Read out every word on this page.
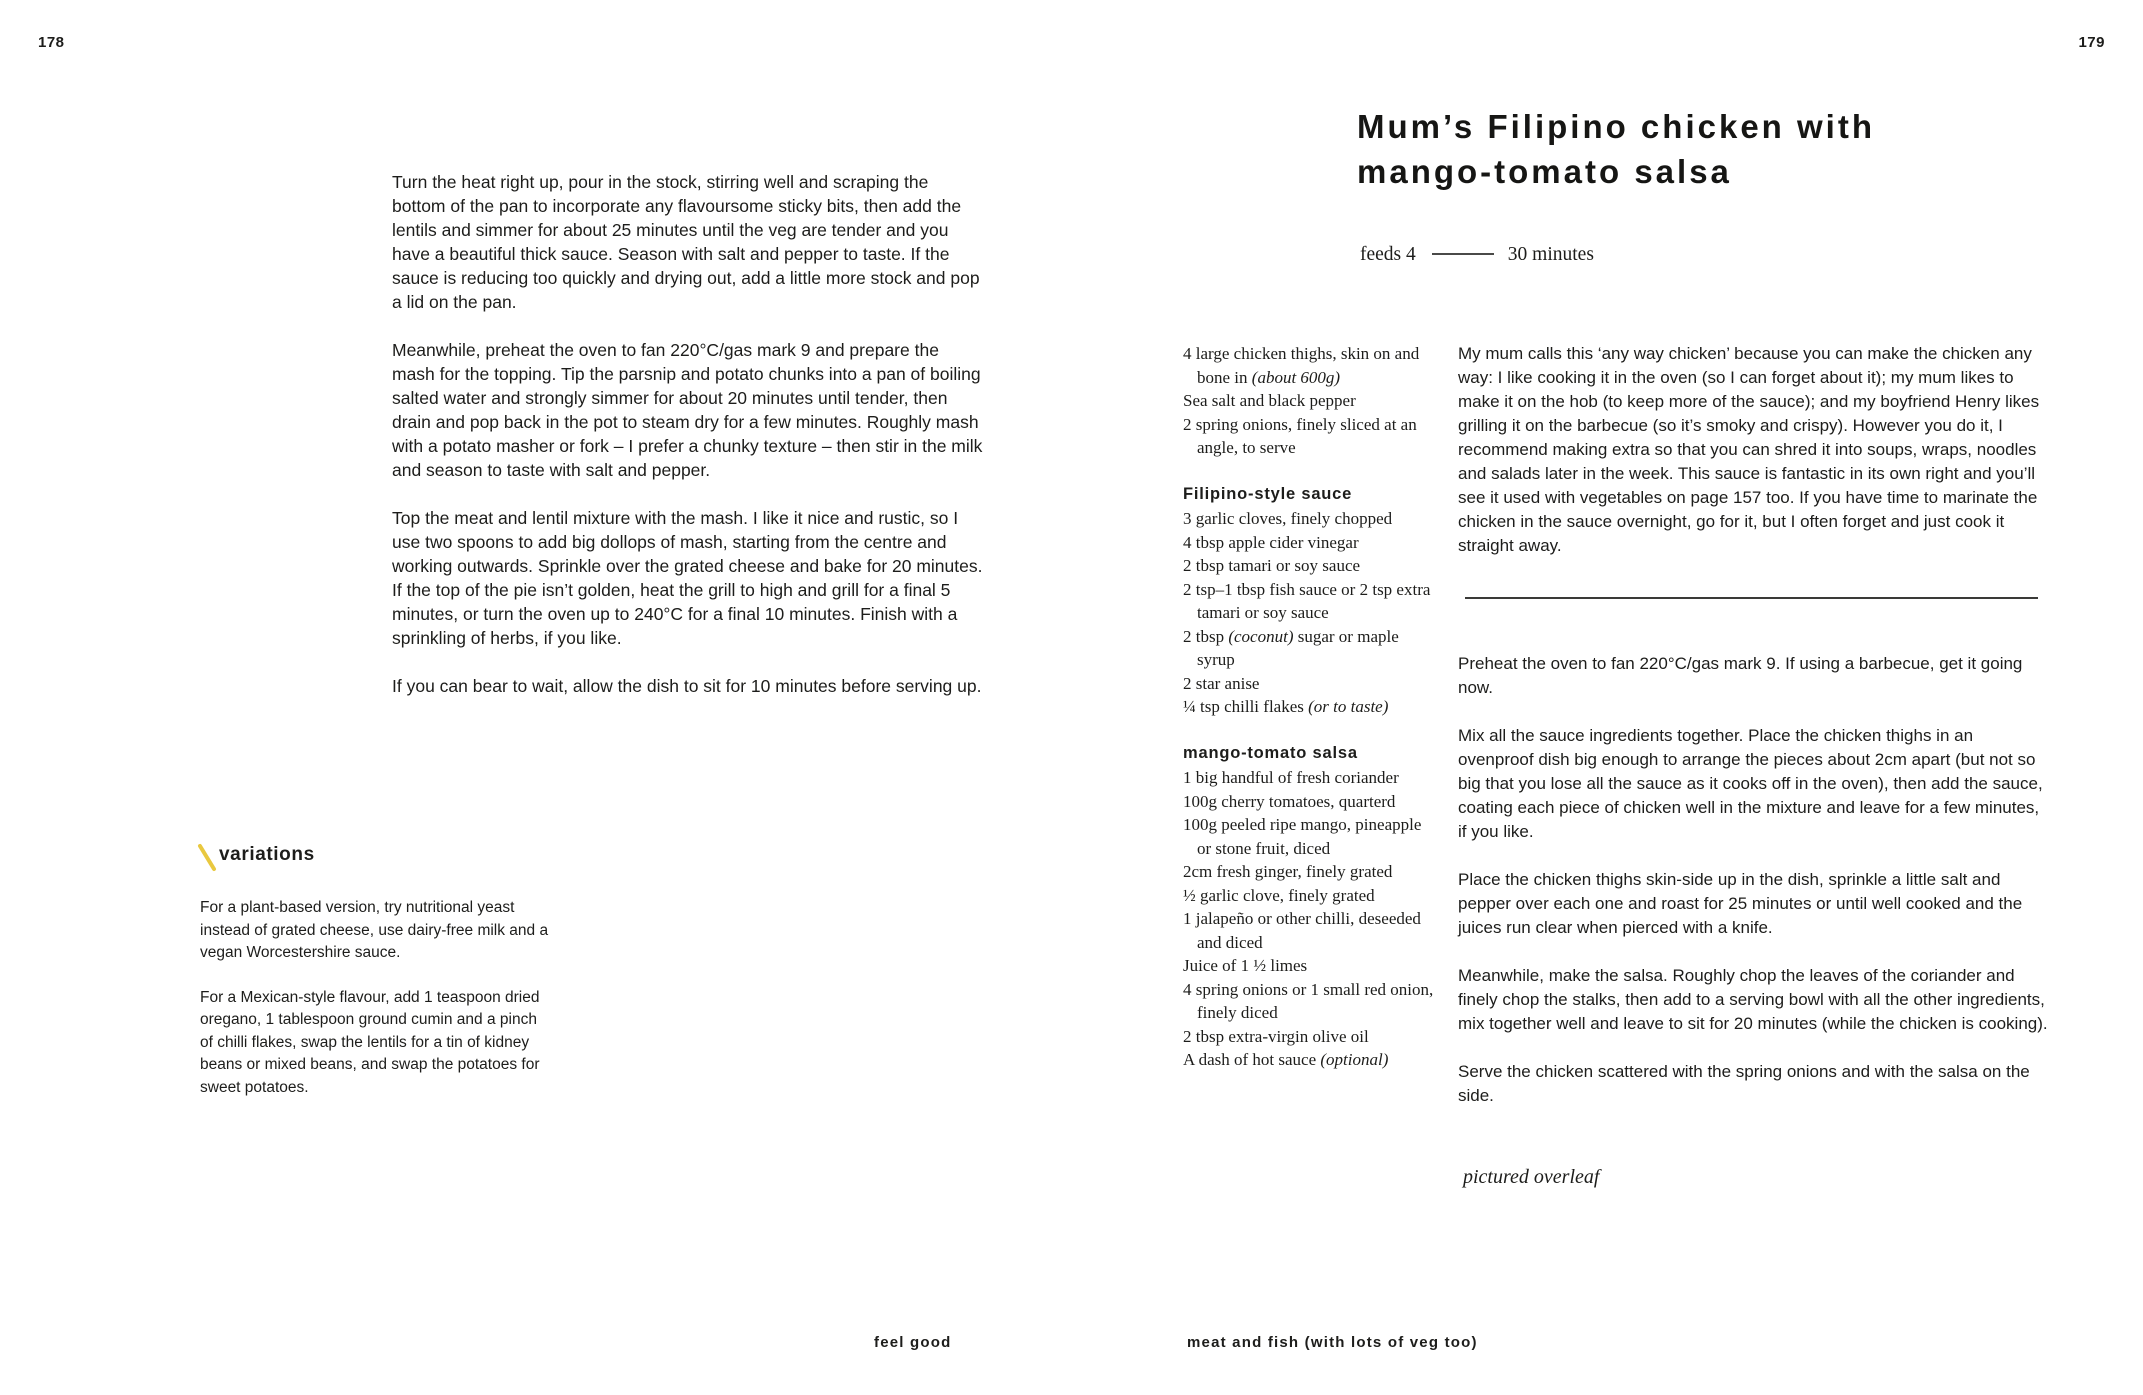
178	179

Turn the heat right up, pour in the stock, stirring well and scraping the bottom of the pan to incorporate any flavoursome sticky bits, then add the lentils and simmer for about 25 minutes until the veg are tender and you have a beautiful thick sauce. Season with salt and pepper to taste. If the sauce is reducing too quickly and drying out, add a little more stock and pop a lid on the pan.

Meanwhile, preheat the oven to fan 220°C/gas mark 9 and prepare the mash for the topping. Tip the parsnip and potato chunks into a pan of boiling salted water and strongly simmer for about 20 minutes until tender, then drain and pop back in the pot to steam dry for a few minutes. Roughly mash with a potato masher or fork – I prefer a chunky texture – then stir in the milk and season to taste with salt and pepper.

Top the meat and lentil mixture with the mash. I like it nice and rustic, so I use two spoons to add big dollops of mash, starting from the centre and working outwards. Sprinkle over the grated cheese and bake for 20 minutes. If the top of the pie isn’t golden, heat the grill to high and grill for a final 5 minutes, or turn the oven up to 240°C for a final 10 minutes. Finish with a sprinkling of herbs, if you like.

If you can bear to wait, allow the dish to sit for 10 minutes before serving up.

variations

For a plant-based version, try nutritional yeast instead of grated cheese, use dairy-free milk and a vegan Worcestershire sauce.

For a Mexican-style flavour, add 1 teaspoon dried oregano, 1 tablespoon ground cumin and a pinch of chilli flakes, swap the lentils for a tin of kidney beans or mixed beans, and swap the potatoes for sweet potatoes.

Mum’s Filipino chicken with
mango-tomato salsa
feeds 4	30 minutes
4 large chicken thighs, skin on and bone in (about 600g)
Sea salt and black pepper
2 spring onions, finely sliced at an angle, to serve
Filipino-style sauce
3 garlic cloves, finely chopped
4 tbsp apple cider vinegar
2 tbsp tamari or soy sauce
2 tsp–1 tbsp fish sauce or 2 tsp extra tamari or soy sauce
2 tbsp (coconut) sugar or maple syrup
2 star anise
¼ tsp chilli flakes (or to taste)
mango-tomato salsa
1 big handful of fresh coriander
100g cherry tomatoes, quarterd
100g peeled ripe mango, pineapple or stone fruit, diced
2cm fresh ginger, finely grated
½ garlic clove, finely grated
1 jalapeño or other chilli, deseeded and diced
Juice of 1 ½ limes
4 spring onions or 1 small red onion, finely diced
2 tbsp extra-virgin olive oil
A dash of hot sauce (optional)
My mum calls this ‘any way chicken’ because you can make the chicken any way: I like cooking it in the oven (so I can forget about it); my mum likes to make it on the hob (to keep more of the sauce); and my boyfriend Henry likes grilling it on the barbecue (so it’s smoky and crispy). However you do it, I recommend making extra so that you can shred it into soups, wraps, noodles and salads later in the week. This sauce is fantastic in its own right and you’ll see it used with vegetables on page 157 too. If you have time to marinate the chicken in the sauce overnight, go for it, but I often forget and just cook it straight away.

Preheat the oven to fan 220°C/gas mark 9. If using a barbecue, get it going now.

Mix all the sauce ingredients together. Place the chicken thighs in an ovenproof dish big enough to arrange the pieces about 2cm apart (but not so big that you lose all the sauce as it cooks off in the oven), then add the sauce, coating each piece of chicken well in the mixture and leave for a few minutes, if you like.

Place the chicken thighs skin-side up in the dish, sprinkle a little salt and pepper over each one and roast for 25 minutes or until well cooked and the juices run clear when pierced with a knife.

Meanwhile, make the salsa. Roughly chop the leaves of the coriander and finely chop the stalks, then add to a serving bowl with all the other ingredients, mix together well and leave to sit for 20 minutes (while the chicken is cooking).

Serve the chicken scattered with the spring onions and with the salsa on the side.

pictured overleaf
feel good	meat and fish (with lots of veg too)
